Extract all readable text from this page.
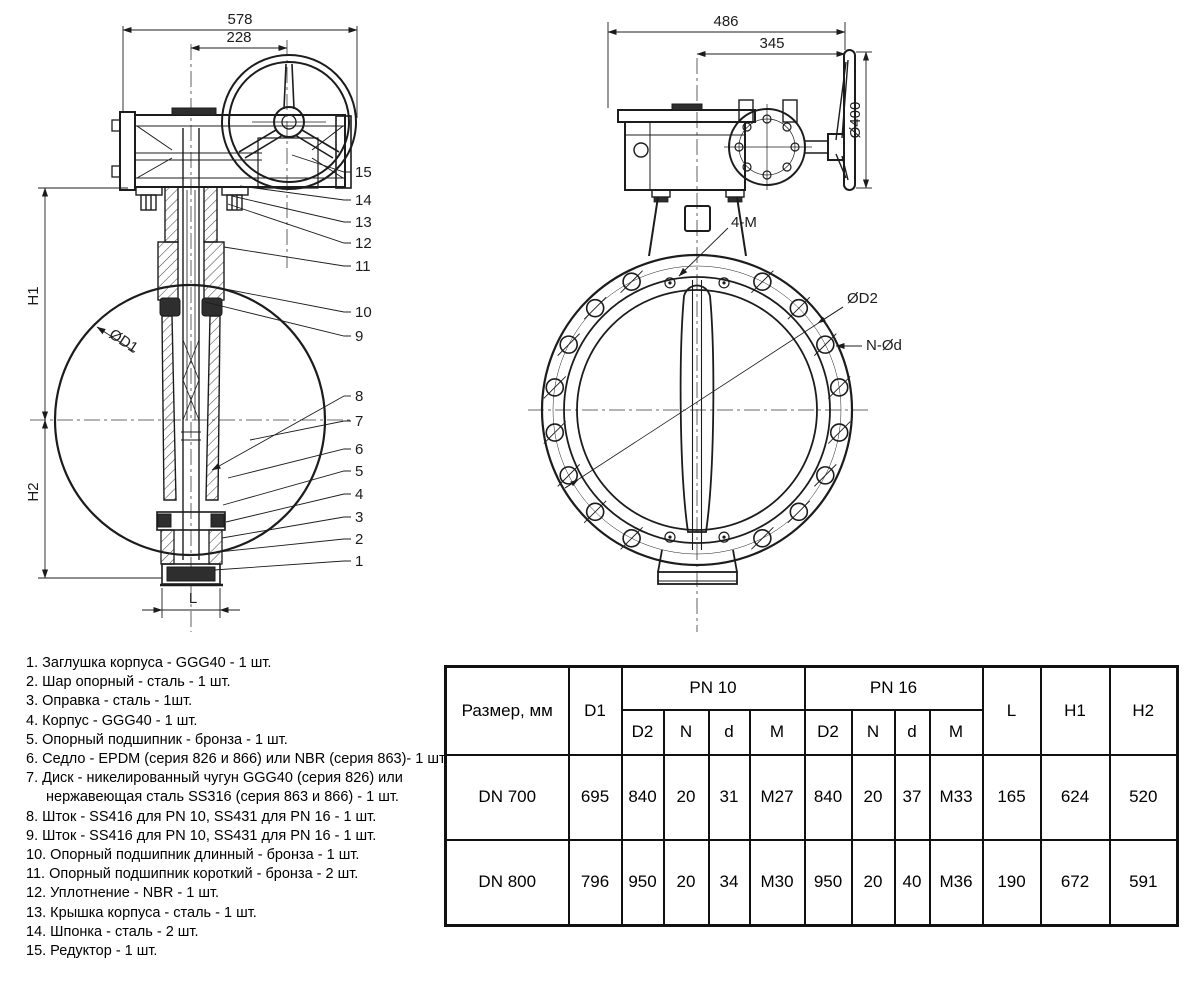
578
228
ØD1
H1
H2
L
15
14
13
12
11
10
9
8
7
6
5
4
3
2
1
486
345
Ø400
4-M
ØD2
N-Ød
1. Заглушка корпуса - GGG40 - 1 шт.
2. Шар опорный - сталь - 1 шт.
3. Оправка - сталь - 1шт.
4. Корпус - GGG40 - 1 шт.
5. Опорный подшипник - бронза - 1 шт.
6. Седло - EPDM (серия 826 и 866) или NBR (серия 863)- 1 шт.
7. Диск - никелированный чугун GGG40 (серия 826) или нержавеющая сталь SS316 (серия 863 и 866) - 1 шт.
8. Шток - SS416 для PN 10, SS431 для PN 16 - 1 шт.
9. Шток - SS416 для PN 10, SS431 для PN 16 - 1 шт.
10. Опорный подшипник длинный - бронза - 1 шт.
11. Опорный подшипник короткий - бронза - 2 шт.
12. Уплотнение - NBR - 1 шт.
13. Крышка корпуса - сталь - 1 шт.
14. Шпонка - сталь - 2 шт.
15. Редуктор - 1 шт.
Размер, мм	D1	PN 10				PN 16				L	H1	H2
		D2	N	d	M	D2	N	d	M			
DN 700	695	840	20	31	M27	840	20	37	M33	165	624	520
DN 800	796	950	20	34	M30	950	20	40	M36	190	672	591
